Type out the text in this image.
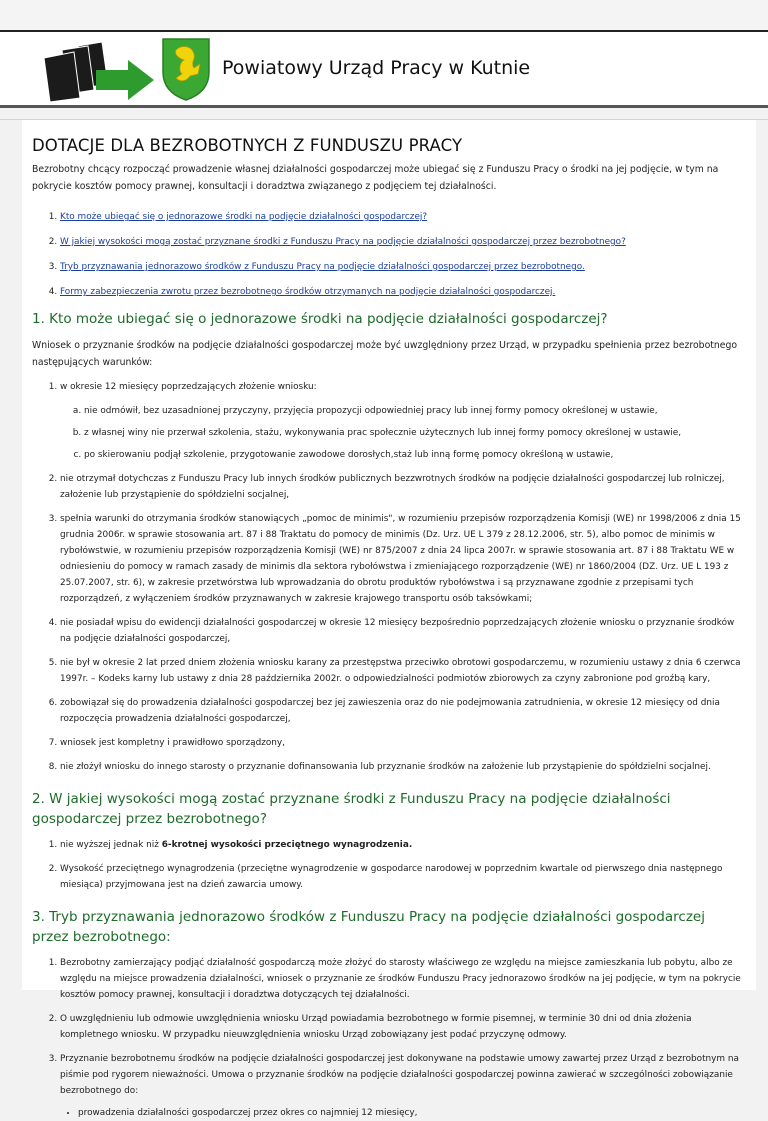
Powiatowy Urząd Pracy w Kutnie
DOTACJE DLA BEZROBOTNYCH Z FUNDUSZU PRACY

Bezrobotny chcący rozpocząć prowadzenie własnej działalności gospodarczej może ubiegać się z Funduszu Pracy o środki na jej podjęcie, w tym na pokrycie kosztów pomocy prawnej, konsultacji i doradztwa związanego z podjęciem tej działalności.

1. Kto może ubiegać się o jednorazowe środki na podjęcie działalności gospodarczej?
2. W jakiej wysokości mogą zostać przyznane środki z Funduszu Pracy na podjęcie działalności gospodarczej przez bezrobotnego?
3. Tryb przyznawania jednorazowo środków z Funduszu Pracy na podjęcie działalności gospodarczej przez bezrobotnego.
4. Formy zabezpieczenia zwrotu przez bezrobotnego środków otrzymanych na podjęcie działalności gospodarczej.
1. Kto może ubiegać się o jednorazowe środki na podjęcie działalności gospodarczej?

Wniosek o przyznanie środków na podjęcie działalności gospodarczej może być uwzględniony przez Urząd, w przypadku spełnienia przez bezrobotnego następujących warunków:

1. w okresie 12 miesięcy poprzedzających złożenie wniosku:
a. nie odmówił, bez uzasadnionej przyczyny, przyjęcia propozycji odpowiedniej pracy lub innej formy pomocy określonej w ustawie,
b. z własnej winy nie przerwał szkolenia, stażu, wykonywania prac społecznie użytecznych lub innej formy pomocy określonej w ustawie,
c. po skierowaniu podjął szkolenie, przygotowanie zawodowe dorosłych,staż lub inną formę pomocy określoną w ustawie,
2. nie otrzymał dotychczas z Funduszu Pracy lub innych środków publicznych bezzwrotnych środków na podjęcie działalności gospodarczej lub rolniczej, założenie lub przystąpienie do spółdzielni socjalnej,
3. spełnia warunki do otrzymania środków stanowiących „pomoc de minimis", w rozumieniu przepisów rozporządzenia Komisji (WE) nr 1998/2006 z dnia 15 grudnia 2006r. w sprawie stosowania art. 87 i 88 Traktatu do pomocy de minimis (Dz. Urz. UE L 379 z 28.12.2006, str. 5), albo pomoc de minimis w rybołówstwie, w rozumieniu przepisów rozporządzenia Komisji (WE) nr 875/2007 z dnia 24 lipca 2007r. w sprawie stosowania art. 87 i 88 Traktatu WE w odniesieniu do pomocy w ramach zasady de minimis dla sektora rybołówstwa i zmieniającego rozporządzenie (WE) nr 1860/2004 (DZ. Urz. UE L 193 z 25.07.2007, str. 6), w zakresie przetwórstwa lub wprowadzania do obrotu produktów rybołówstwa i są przyznawane zgodnie z przepisami tych rozporządzeń, z wyłączeniem środków przyznawanych w zakresie krajowego transportu osób taksówkami;
4. nie posiadał wpisu do ewidencji działalności gospodarczej w okresie 12 miesięcy bezpośrednio poprzedzających złożenie wniosku o przyznanie środków na podjęcie działalności gospodarczej,
5. nie był w okresie 2 lat przed dniem złożenia wniosku karany za przestępstwa przeciwko obrotowi gospodarczemu, w rozumieniu ustawy z dnia 6 czerwca 1997r. – Kodeks karny lub ustawy z dnia 28 października 2002r. o odpowiedzialności podmiotów zbiorowych za czyny zabronione pod groźbą kary,
6. zobowiązał się do prowadzenia działalności gospodarczej bez jej zawieszenia oraz do nie podejmowania zatrudnienia, w okresie 12 miesięcy od dnia rozpoczęcia prowadzenia działalności gospodarczej,
7. wniosek jest kompletny i prawidłowo sporządzony,
8. nie złożył wniosku do innego starosty o przyznanie dofinansowania lub przyznanie środków na założenie lub przystąpienie do spółdzielni socjalnej.
2. W jakiej wysokości mogą zostać przyznane środki z Funduszu Pracy na podjęcie działalności gospodarczej przez bezrobotnego?
1. nie wyższej jednak niż 6-krotnej wysokości przeciętnego wynagrodzenia.
2. Wysokość przeciętnego wynagrodzenia (przeciętne wynagrodzenie w gospodarce narodowej w poprzednim kwartale od pierwszego dnia następnego miesiąca) przyjmowana jest na dzień zawarcia umowy.
3. Tryb przyznawania jednorazowo środków z Funduszu Pracy na podjęcie działalności gospodarczej przez bezrobotnego:
1. Bezrobotny zamierzający podjąć działalność gospodarczą może złożyć do starosty właściwego ze względu na miejsce zamieszkania lub pobytu, albo ze względu na miejsce prowadzenia działalności, wniosek o przyznanie ze środków Funduszu Pracy jednorazowo środków na jej podjęcie, w tym na pokrycie kosztów pomocy prawnej, konsultacji i doradztwa dotyczących tej działalności.
2. O uwzględnieniu lub odmowie uwzględnienia wniosku Urząd powiadamia bezrobotnego w formie pisemnej, w terminie 30 dni od dnia złożenia kompletnego wniosku. W przypadku nieuwzględnienia wniosku Urząd zobowiązany jest podać przyczynę odmowy.
3. Przyznanie bezrobotnemu środków na podjęcie działalności gospodarczej jest dokonywane na podstawie umowy zawartej przez Urząd z bezrobotnym na piśmie pod rygorem nieważności. Umowa o przyznanie środków na podjęcie działalności gospodarczej powinna zawierać w szczególności zobowiązanie bezrobotnego do:
• prowadzenia działalności gospodarczej przez okres co najmniej 12 miesięcy,
